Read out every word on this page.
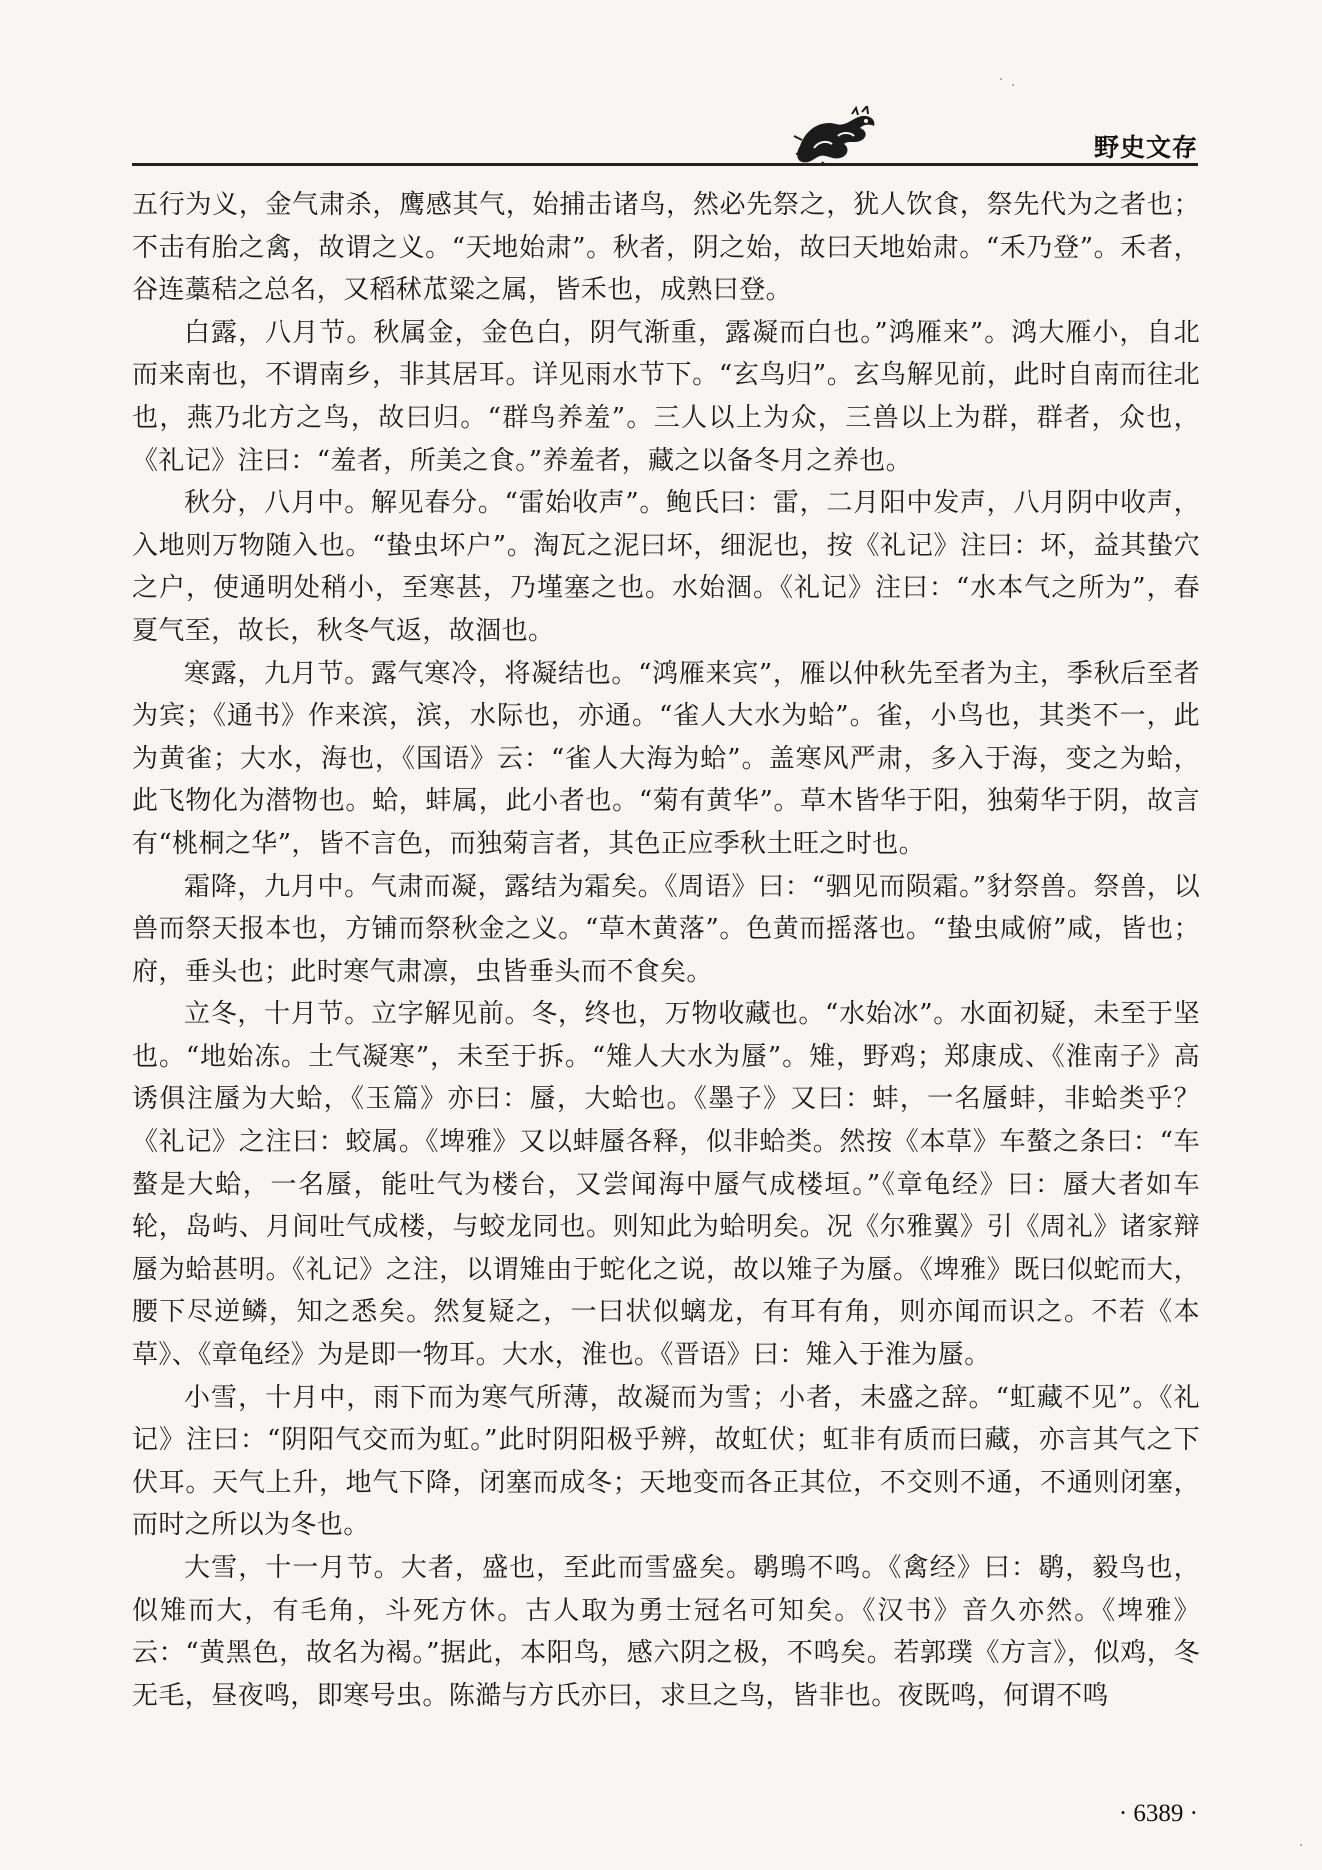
野史文存

五行为义，金气肃杀，鹰感其气，始捕击诸鸟，然必先祭之，犹人饮食，祭先代为之者也；不击有胎之禽，故谓之义。“天地始肃”。秋者，阴之始，故曰天地始肃。“禾乃登”。禾者，谷连藁秸之总名，又稻秫苽粱之属，皆禾也，成熟曰登。

白露，八月节。秋属金，金色白，阴气渐重，露凝而白也。”鸿雁来”。鸿大雁小，自北而来南也，不谓南乡，非其居耳。详见雨水节下。“玄鸟归”。玄鸟解见前，此时自南而往北也，燕乃北方之鸟，故曰归。“群鸟养羞”。三人以上为众，三兽以上为群，群者，众也，《礼记》注曰：“羞者，所美之食。”养羞者，藏之以备冬月之养也。

秋分，八月中。解见春分。“雷始收声”。鲍氏曰：雷，二月阳中发声，八月阴中收声，入地则万物随入也。“蛰虫坏户”。淘瓦之泥曰坏，细泥也，按《礼记》注曰：坏，益其蛰穴之户，使通明处稍小，至寒甚，乃墐塞之也。水始涸。《礼记》注曰：“水本气之所为”，春夏气至，故长，秋冬气返，故涸也。

寒露，九月节。露气寒冷，将凝结也。“鸿雁来宾”，雁以仲秋先至者为主，季秋后至者为宾；《通书》作来滨，滨，水际也，亦通。“雀人大水为蛤”。雀，小鸟也，其类不一，此为黄雀；大水，海也，《国语》云：“雀人大海为蛤”。盖寒风严肃，多入于海，变之为蛤，此飞物化为潜物也。蛤，蚌属，此小者也。“菊有黄华”。草木皆华于阳，独菊华于阴，故言有“桃桐之华”，皆不言色，而独菊言者，其色正应季秋土旺之时也。

霜降，九月中。气肃而凝，露结为霜矣。《周语》曰：“驷见而陨霜。”豺祭兽。祭兽，以兽而祭天报本也，方铺而祭秋金之义。“草木黄落”。色黄而摇落也。“蛰虫咸俯”咸，皆也；府，垂头也；此时寒气肃凛，虫皆垂头而不食矣。

立冬，十月节。立字解见前。冬，终也，万物收藏也。“水始冰”。水面初疑，未至于坚也。“地始冻。土气凝寒”，未至于拆。“雉人大水为蜃”。雉，野鸡；郑康成、《淮南子》高诱俱注蜃为大蛤，《玉篇》亦曰：蜃，大蛤也。《墨子》又曰：蚌，一名蜃蚌，非蛤类乎？《礼记》之注曰：蛟属。《埤雅》又以蚌蜃各释，似非蛤类。然按《本草》车螯之条曰：“车螯是大蛤，一名蜃，能吐气为楼台，又尝闻海中蜃气成楼垣。”《章龟经》曰：蜃大者如车轮，岛屿、月间吐气成楼，与蛟龙同也。则知此为蛤明矣。况《尔雅翼》引《周礼》诸家辩蜃为蛤甚明。《礼记》之注，以谓雉由于蛇化之说，故以雉子为蜃。《埤雅》既曰似蛇而大，腰下尽逆鳞，知之悉矣。然复疑之，一曰状似螭龙，有耳有角，则亦闻而识之。不若《本草》、《章龟经》为是即一物耳。大水，淮也。《晋语》曰：雉入于淮为蜃。

小雪，十月中，雨下而为寒气所薄，故凝而为雪；小者，未盛之辞。“虹藏不见”。《礼记》注曰：“阴阳气交而为虹。”此时阴阳极乎辨，故虹伏；虹非有质而曰藏，亦言其气之下伏耳。天气上升，地气下降，闭塞而成冬；天地变而各正其位，不交则不通，不通则闭塞，而时之所以为冬也。

大雪，十一月节。大者，盛也，至此而雪盛矣。鹖鴠不鸣。《禽经》曰：鹖，毅鸟也，似雉而大，有毛角，斗死方休。古人取为勇士冠名可知矣。《汉书》音久亦然。《埤雅》云：“黄黑色，故名为褐。”据此，本阳鸟，感六阴之极，不鸣矣。若郭璞《方言》，似鸡，冬无毛，昼夜鸣，即寒号虫。陈澔与方氏亦曰，求旦之鸟，皆非也。夜既鸣，何谓不鸣

· 6389 ·
